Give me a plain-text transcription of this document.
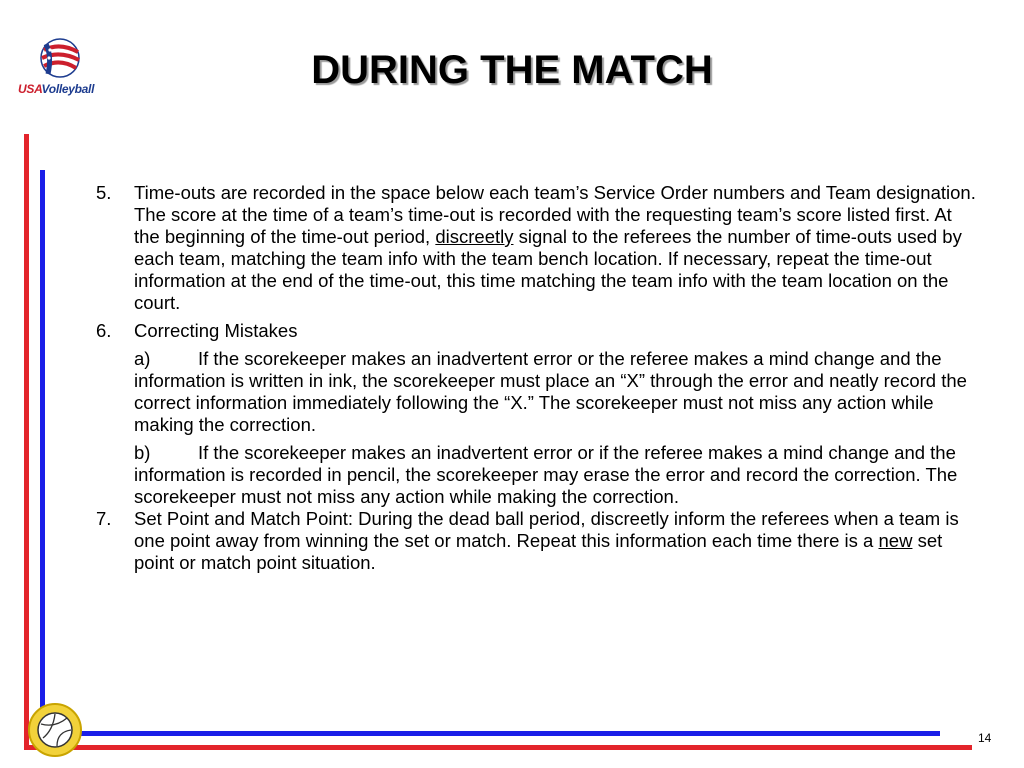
USAVolleyball	DURING THE MATCH
14

5. Time-outs are recorded in the space below each team’s Service Order numbers and Team designation. The score at the time of a team’s time-out is recorded with the requesting team’s score listed first. At the beginning of the time-out period, discreetly signal to the referees the number of time-outs used by each team, matching the team info with the team bench location. If necessary, repeat the time-out information at the end of the time-out, this time matching the team info with the team location on the court.

6. Correcting Mistakes

a)	If the scorekeeper makes an inadvertent error or the referee makes a mind change and the information is written in ink, the scorekeeper must place an “X” through the error and neatly record the correct information immediately following the “X.” The scorekeeper must not miss any action while making the correction.

b)	If the scorekeeper makes an inadvertent error or if the referee makes a mind change and the information is recorded in pencil, the scorekeeper may erase the error and record the correction. The scorekeeper must not miss any action while making the correction.

7. Set Point and Match Point: During the dead ball period, discreetly inform the referees when a team is one point away from winning the set or match. Repeat this information each time there is a new set point or match point situation.
